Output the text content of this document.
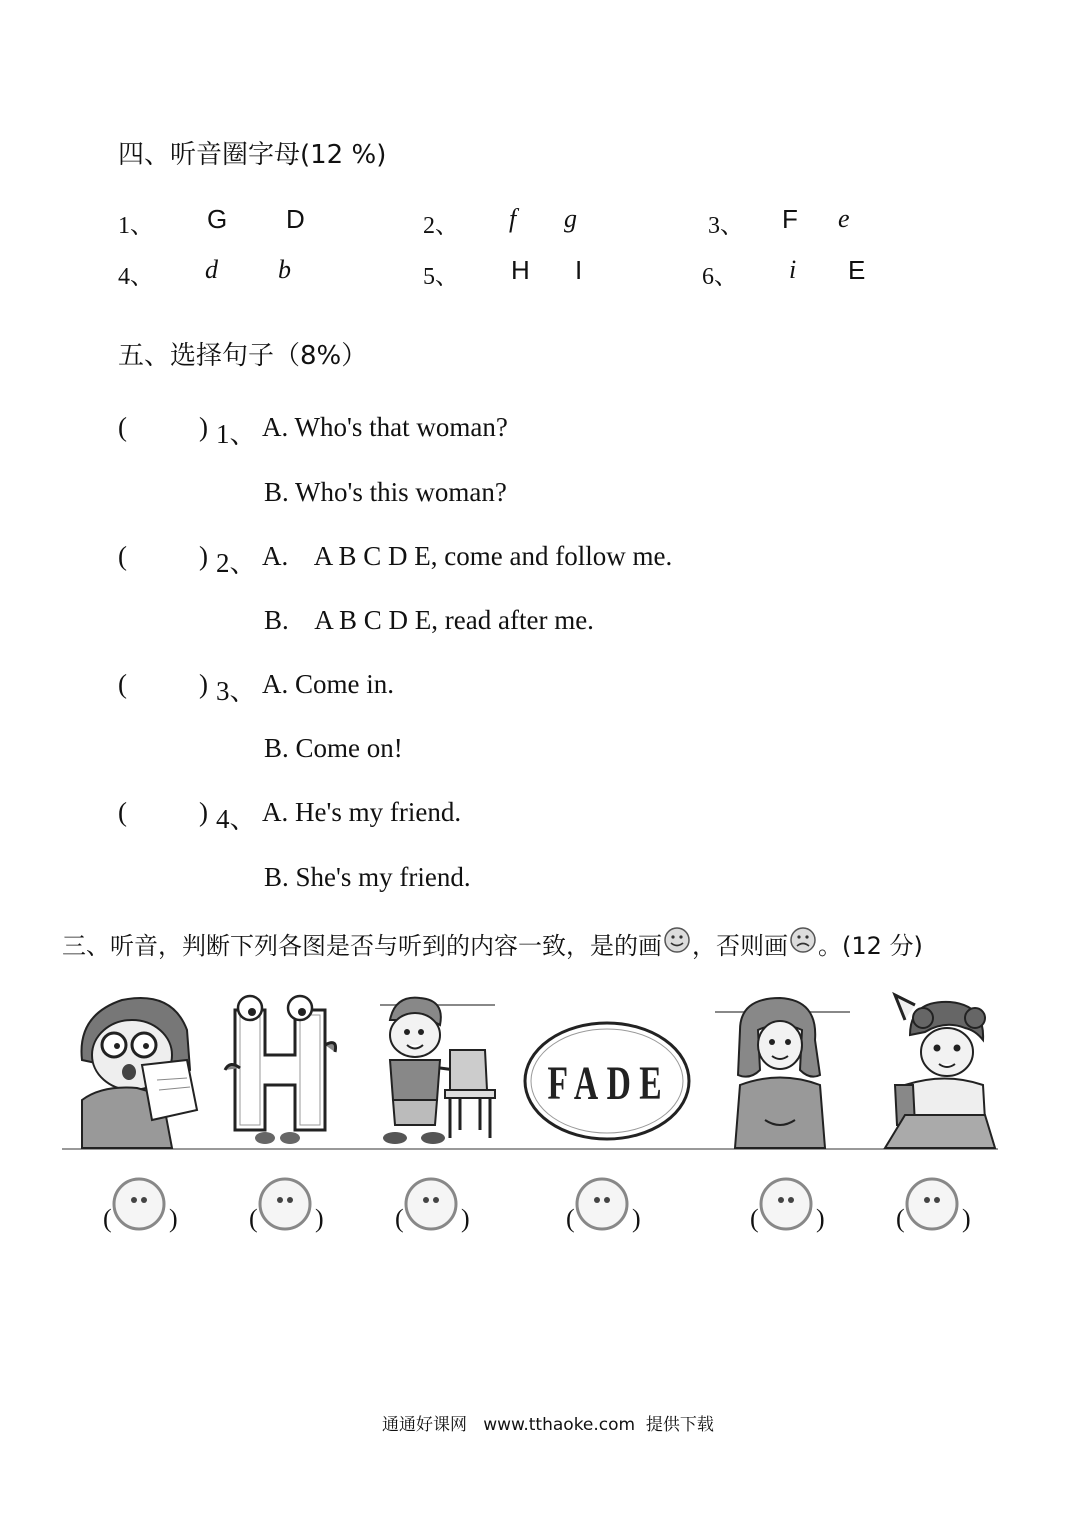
四、听音圈字母(12 %)
1、 G D	2、 f g	3、 F e
4、 d b	5、 H I	6、 i E
五、选择句子（8%）
(	) 1、 A. Who's that woman?
B. Who's this woman?
(	) 2、 A.    A B C D E, come and follow me.
B.    A B C D E, read after me.
(	) 3、 A. Come in.
B. Come on!
(	) 4、 A. He's my friend.
B. She's my friend.
三、听音，判断下列各图是否与听到的内容一致，是的画 ，否则画 。(12 分)
FADE
( )	( )	( )	( )	( )	( )
通通好课网   www.tthaoke.com  提供下载
